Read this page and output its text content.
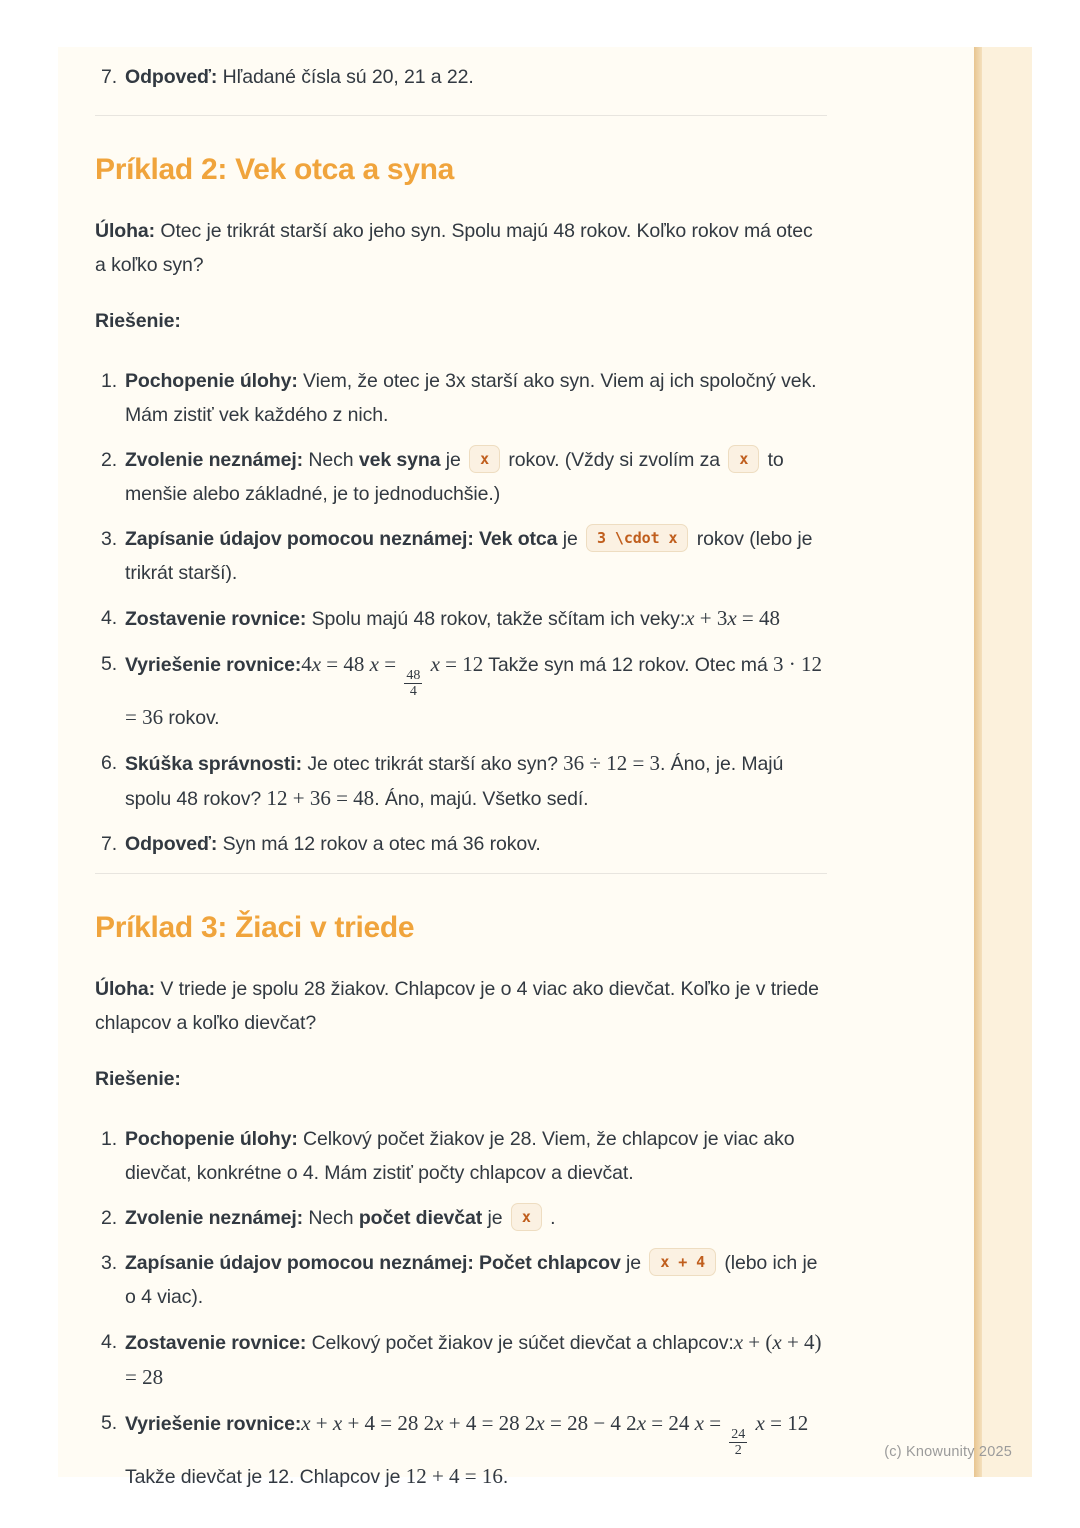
7. Odpoveď: Hľadané čísla sú 20, 21 a 22.
Príklad 2: Vek otca a syna

Úloha: Otec je trikrát starší ako jeho syn. Spolu majú 48 rokov. Koľko rokov má otec a koľko syn?

Riešenie:

1. Pochopenie úlohy: Viem, že otec je 3x starší ako syn. Viem aj ich spoločný vek. Mám zistiť vek každého z nich.
2. Zvolenie neznámej: Nech vek syna je x rokov. (Vždy si zvolím za x to menšie alebo základné, je to jednoduchšie.)
3. Zapísanie údajov pomocou neznámej: Vek otca je 3 \cdot x rokov (lebo je trikrát starší).
4. Zostavenie rovnice: Spolu majú 48 rokov, takže sčítam ich veky:x + 3x = 48
5. Vyriešenie rovnice:4x = 48 x =
$\frac{48}{4}$
x = 12 Takže syn má 12 rokov. Otec má 3 · 12 = 36 rokov.
6. Skúška správnosti: Je otec trikrát starší ako syn? 36 ÷ 12 = 3. Áno, je. Majú spolu 48 rokov? 12 + 36 = 48. Áno, majú. Všetko sedí.
7. Odpoveď: Syn má 12 rokov a otec má 36 rokov.
Príklad 3: Žiaci v triede

Úloha: V triede je spolu 28 žiakov. Chlapcov je o 4 viac ako dievčat. Koľko je v triede chlapcov a koľko dievčat?

Riešenie:

1. Pochopenie úlohy: Celkový počet žiakov je 28. Viem, že chlapcov je viac ako dievčat, konkrétne o 4. Mám zistiť počty chlapcov a dievčat.
2. Zvolenie neznámej: Nech počet dievčat je x .
3. Zapísanie údajov pomocou neznámej: Počet chlapcov je x + 4 (lebo ich je o 4 viac).
4. Zostavenie rovnice: Celkový počet žiakov je súčet dievčat a chlapcov:x + (x + 4) = 28
5. Vyriešenie rovnice:x + x + 4 = 28 2x + 4 = 28 2x = 28 − 4 2x = 24 x =
$\frac{24}{2}$
x = 12 Takže dievčat je 12. Chlapcov je 12 + 4 = 16.
(c) Knowunity 2025
